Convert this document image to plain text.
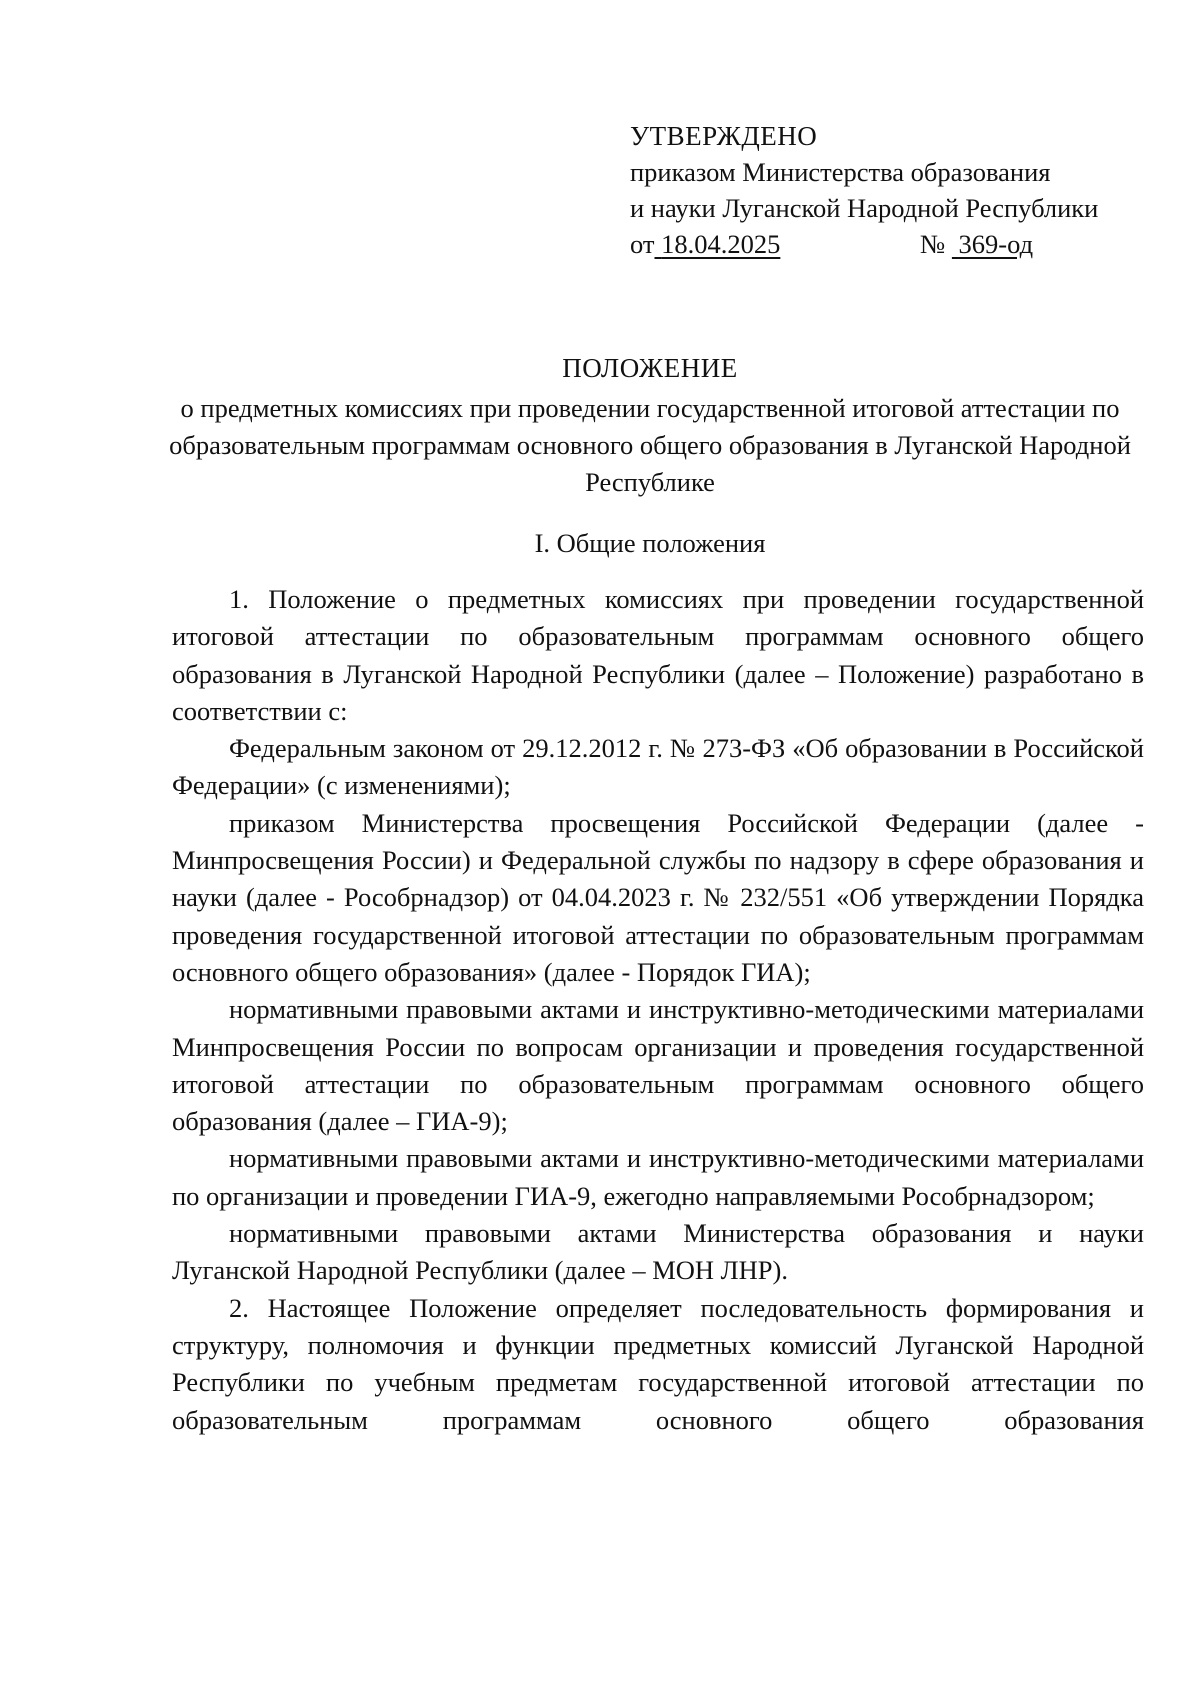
УТВЕРЖДЕНО
приказом Министерства образования
и науки Луганской Народной Республики
от 18.04.2025	№ 369-од
ПОЛОЖЕНИЕ
о предметных комиссиях при проведении государственной итоговой аттестации по образовательным программам основного общего образования в Луганской Народной Республике
I. Общие положения

1. Положение о предметных комиссиях при проведении государственной итоговой аттестации по образовательным программам основного общего образования в Луганской Народной Республики (далее – Положение) разработано в соответствии с:

Федеральным законом от 29.12.2012 г. № 273-ФЗ «Об образовании в Российской Федерации» (с изменениями);

приказом Министерства просвещения Российской Федерации (далее - Минпросвещения России) и Федеральной службы по надзору в сфере образования и науки (далее - Рособрнадзор) от 04.04.2023 г. № 232/551 «Об утверждении Порядка проведения государственной итоговой аттестации по образовательным программам основного общего образования» (далее - Порядок ГИА);

нормативными правовыми актами и инструктивно-методическими материалами Минпросвещения России по вопросам организации и проведения государственной итоговой аттестации по образовательным программам основного общего образования (далее – ГИА-9);

нормативными правовыми актами и инструктивно-методическими материалами по организации и проведении ГИА-9, ежегодно направляемыми Рособрнадзором;

нормативными правовыми актами Министерства образования и науки Луганской Народной Республики (далее – МОН ЛНР).

2. Настоящее Положение определяет последовательность формирования и структуру, полномочия и функции предметных комиссий Луганской Народной Республики по учебным предметам государственной итоговой аттестации по образовательным программам основного общего образования
